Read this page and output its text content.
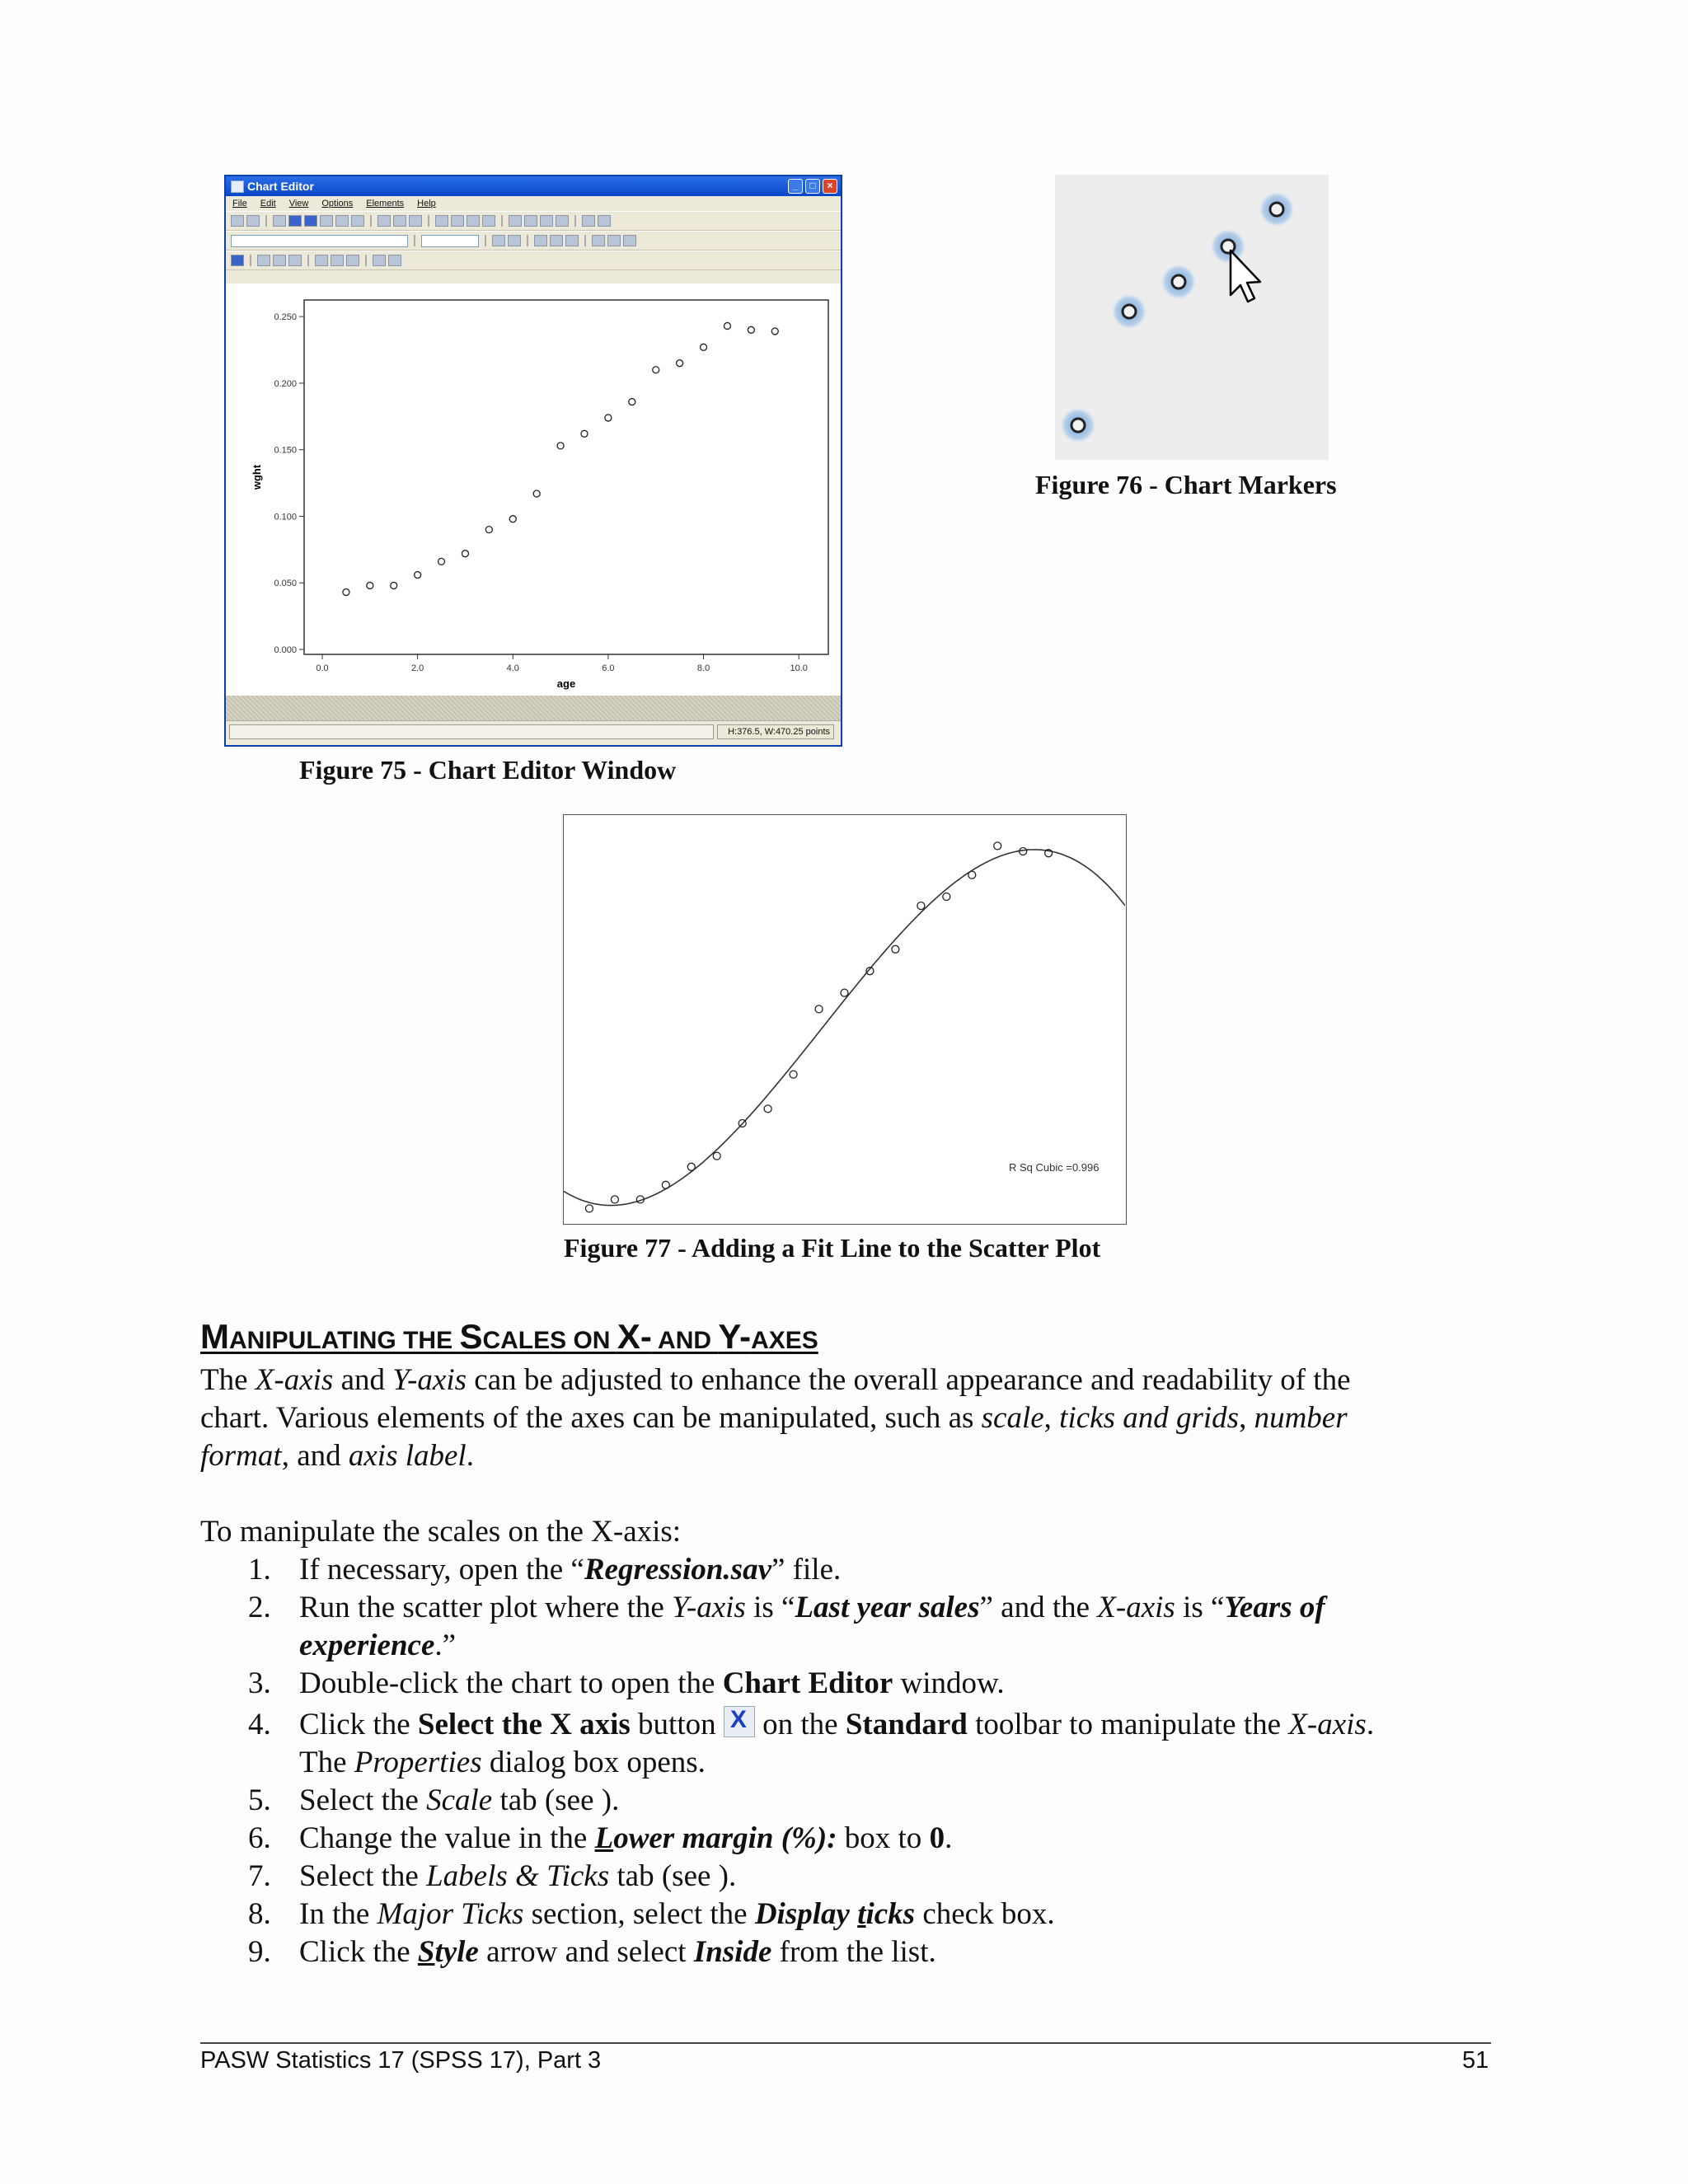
Chart Editor	_	□	×
File Edit View Options Elements Help
0.000
0.050
0.100
0.150
0.200
0.250
0.0	2.0	4.0	6.0	8.0	10.0
age
wght
H:376.5, W:470.25 points
Figure 75 - Chart Editor Window
Figure 76 - Chart Markers
R Sq Cubic =0.996
Figure 77 - Adding a Fit Line to the Scatter Plot
MANIPULATING THE SCALES ON X- AND Y-AXES
The X-axis and Y-axis can be adjusted to enhance the overall appearance and readability of the
chart. Various elements of the axes can be manipulated, such as scale, ticks and grids, number
format, and axis label.
To manipulate the scales on the X-axis:
1. If necessary, open the “Regression.sav” file.
2. Run the scatter plot where the Y-axis is “Last year sales” and the X-axis is “Years of
experience.”
3. Double-click the chart to open the Chart Editor window.
4. Click the Select the X axis button X on the Standard toolbar to manipulate the X-axis.
The Properties dialog box opens.
5. Select the Scale tab (see ).
6. Change the value in the Lower margin (%): box to 0.
7. Select the Labels & Ticks tab (see ).
8. In the Major Ticks section, select the Display ticks check box.
9. Click the Style arrow and select Inside from the list.
PASW Statistics 17 (SPSS 17), Part 3	51
